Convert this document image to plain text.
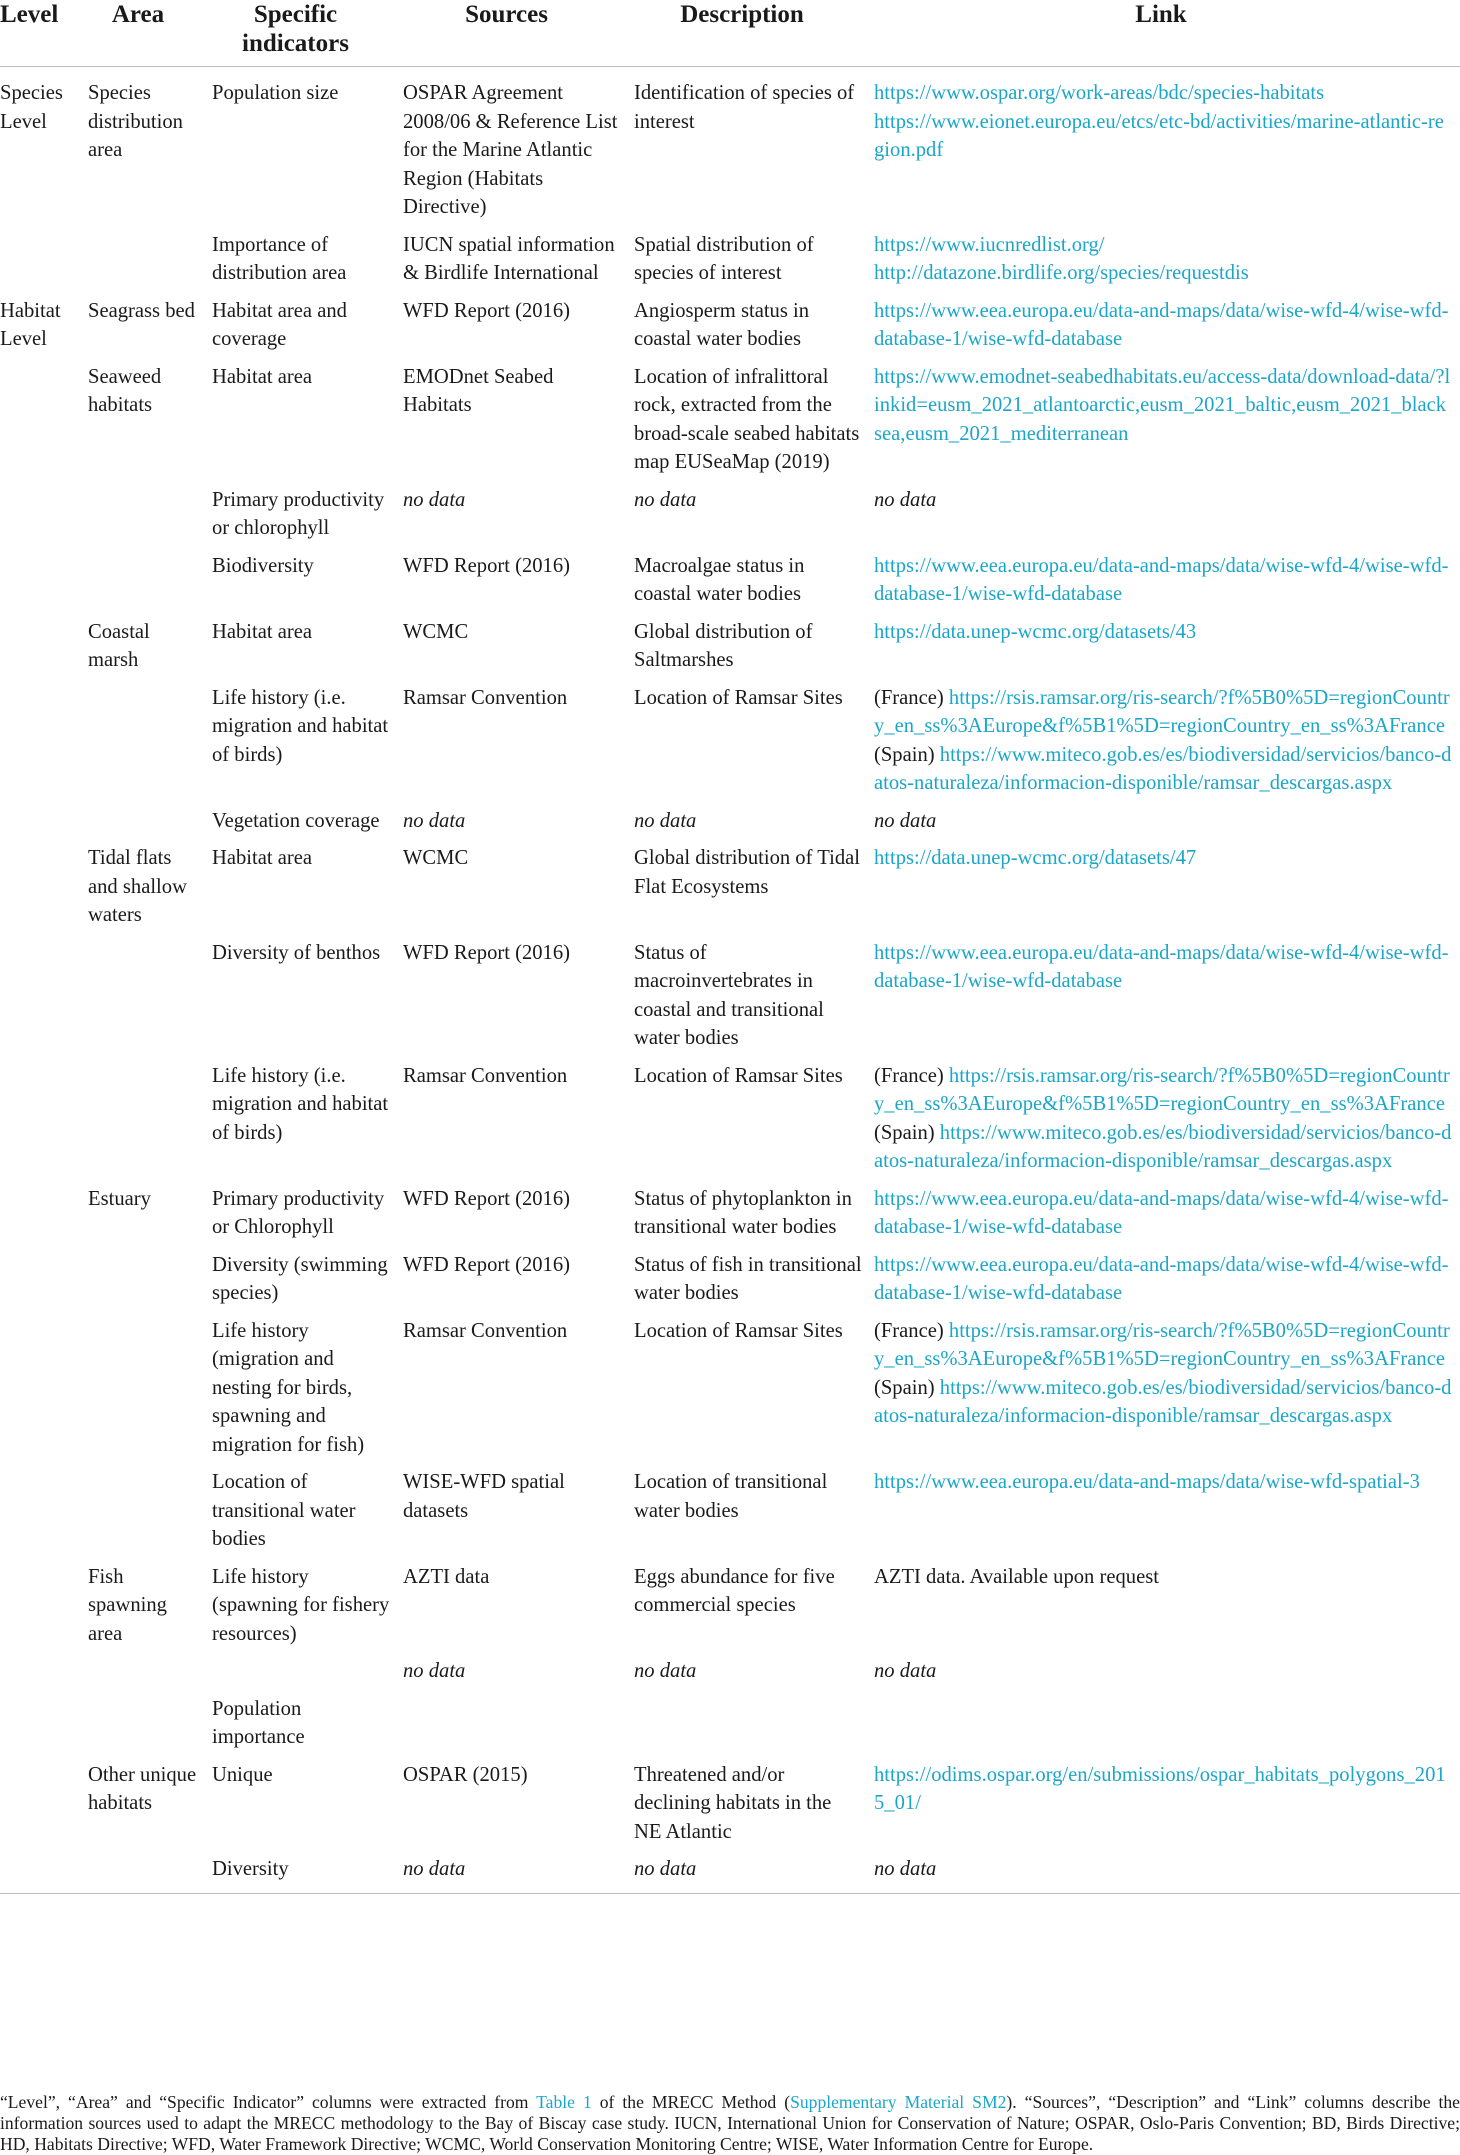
Level	Area	Specific indicators	Sources	Description	Link

Species Level	Species distribution area	Population size	OSPAR Agreement 2008/06 & Reference List for the Marine Atlantic Region (Habitats Directive)	Identification of species of interest	https://www.ospar.org/work-areas/bdc/species-habitats
https://www.eionet.europa.eu/etcs/etc-bd/activities/marine-atlantic-region.pdf

		Importance of distribution area	IUCN spatial information & Birdlife International	Spatial distribution of species of interest	https://www.iucnredlist.org/
http://datazone.birdlife.org/species/requestdis

Habitat Level	Seagrass bed	Habitat area and coverage	WFD Report (2016)	Angiosperm status in coastal water bodies	https://www.eea.europa.eu/data-and-maps/data/wise-wfd-4/wise-wfd-database-1/wise-wfd-database

	Seaweed habitats	Habitat area	EMODnet Seabed Habitats	Location of infralittoral rock, extracted from the broad-scale seabed habitats map EUSeaMap (2019)	https://www.emodnet-seabedhabitats.eu/access-data/download-data/?linkid=eusm_2021_atlantoarctic,eusm_2021_baltic,eusm_2021_blacksea,eusm_2021_mediterranean

		Primary productivity or chlorophyll	no data	no data	no data

		Biodiversity	WFD Report (2016)	Macroalgae status in coastal water bodies	https://www.eea.europa.eu/data-and-maps/data/wise-wfd-4/wise-wfd-database-1/wise-wfd-database

	Coastal marsh	Habitat area	WCMC	Global distribution of Saltmarshes	https://data.unep-wcmc.org/datasets/43

		Life history (i.e. migration and habitat of birds)	Ramsar Convention	Location of Ramsar Sites	(France) https://rsis.ramsar.org/ris-search/?f%5B0%5D=regionCountry_en_ss%3AEurope&f%5B1%5D=regionCountry_en_ss%3AFrance(Spain) https://www.miteco.gob.es/es/biodiversidad/servicios/banco-datos-naturaleza/informacion-disponible/ramsar_descargas.aspx

		Vegetation coverage	no data	no data	no data

	Tidal flats and shallow waters	Habitat area	WCMC	Global distribution of Tidal Flat Ecosystems	https://data.unep-wcmc.org/datasets/47

		Diversity of benthos	WFD Report (2016)	Status of macroinvertebrates in coastal and transitional water bodies	https://www.eea.europa.eu/data-and-maps/data/wise-wfd-4/wise-wfd-database-1/wise-wfd-database

		Life history (i.e. migration and habitat of birds)	Ramsar Convention	Location of Ramsar Sites	(France) https://rsis.ramsar.org/ris-search/?f%5B0%5D=regionCountry_en_ss%3AEurope&f%5B1%5D=regionCountry_en_ss%3AFrance(Spain) https://www.miteco.gob.es/es/biodiversidad/servicios/banco-datos-naturaleza/informacion-disponible/ramsar_descargas.aspx

	Estuary	Primary productivity or Chlorophyll	WFD Report (2016)	Status of phytoplankton in transitional water bodies	https://www.eea.europa.eu/data-and-maps/data/wise-wfd-4/wise-wfd-database-1/wise-wfd-database

		Diversity (swimming species)	WFD Report (2016)	Status of fish in transitional water bodies	https://www.eea.europa.eu/data-and-maps/data/wise-wfd-4/wise-wfd-database-1/wise-wfd-database

		Life history (migration and nesting for birds, spawning and migration for fish)	Ramsar Convention	Location of Ramsar Sites	(France) https://rsis.ramsar.org/ris-search/?f%5B0%5D=regionCountry_en_ss%3AEurope&f%5B1%5D=regionCountry_en_ss%3AFrance(Spain) https://www.miteco.gob.es/es/biodiversidad/servicios/banco-datos-naturaleza/informacion-disponible/ramsar_descargas.aspx

		Location of transitional water bodies	WISE-WFD spatial datasets	Location of transitional water bodies	https://www.eea.europa.eu/data-and-maps/data/wise-wfd-spatial-3

	Fish spawning area	Life history (spawning for fishery resources)	AZTI data	Eggs abundance for five commercial species	AZTI data. Available upon request

			no data	no data	no data

		Population importance			

	Other unique habitats	Unique	OSPAR (2015)	Threatened and/or declining habitats in the NE Atlantic	https://odims.ospar.org/en/submissions/ospar_habitats_polygons_2015_01/

		Diversity	no data	no data	no data
“Level”, “Area” and “Specific Indicator” columns were extracted from Table 1 of the MRECC Method (Supplementary Material SM2). “Sources”, “Description” and “Link” columns describe the information sources used to adapt the MRECC methodology to the Bay of Biscay case study. IUCN, International Union for Conservation of Nature; OSPAR, Oslo-Paris Convention; BD, Birds Directive; HD, Habitats Directive; WFD, Water Framework Directive; WCMC, World Conservation Monitoring Centre; WISE, Water Information Centre for Europe.
